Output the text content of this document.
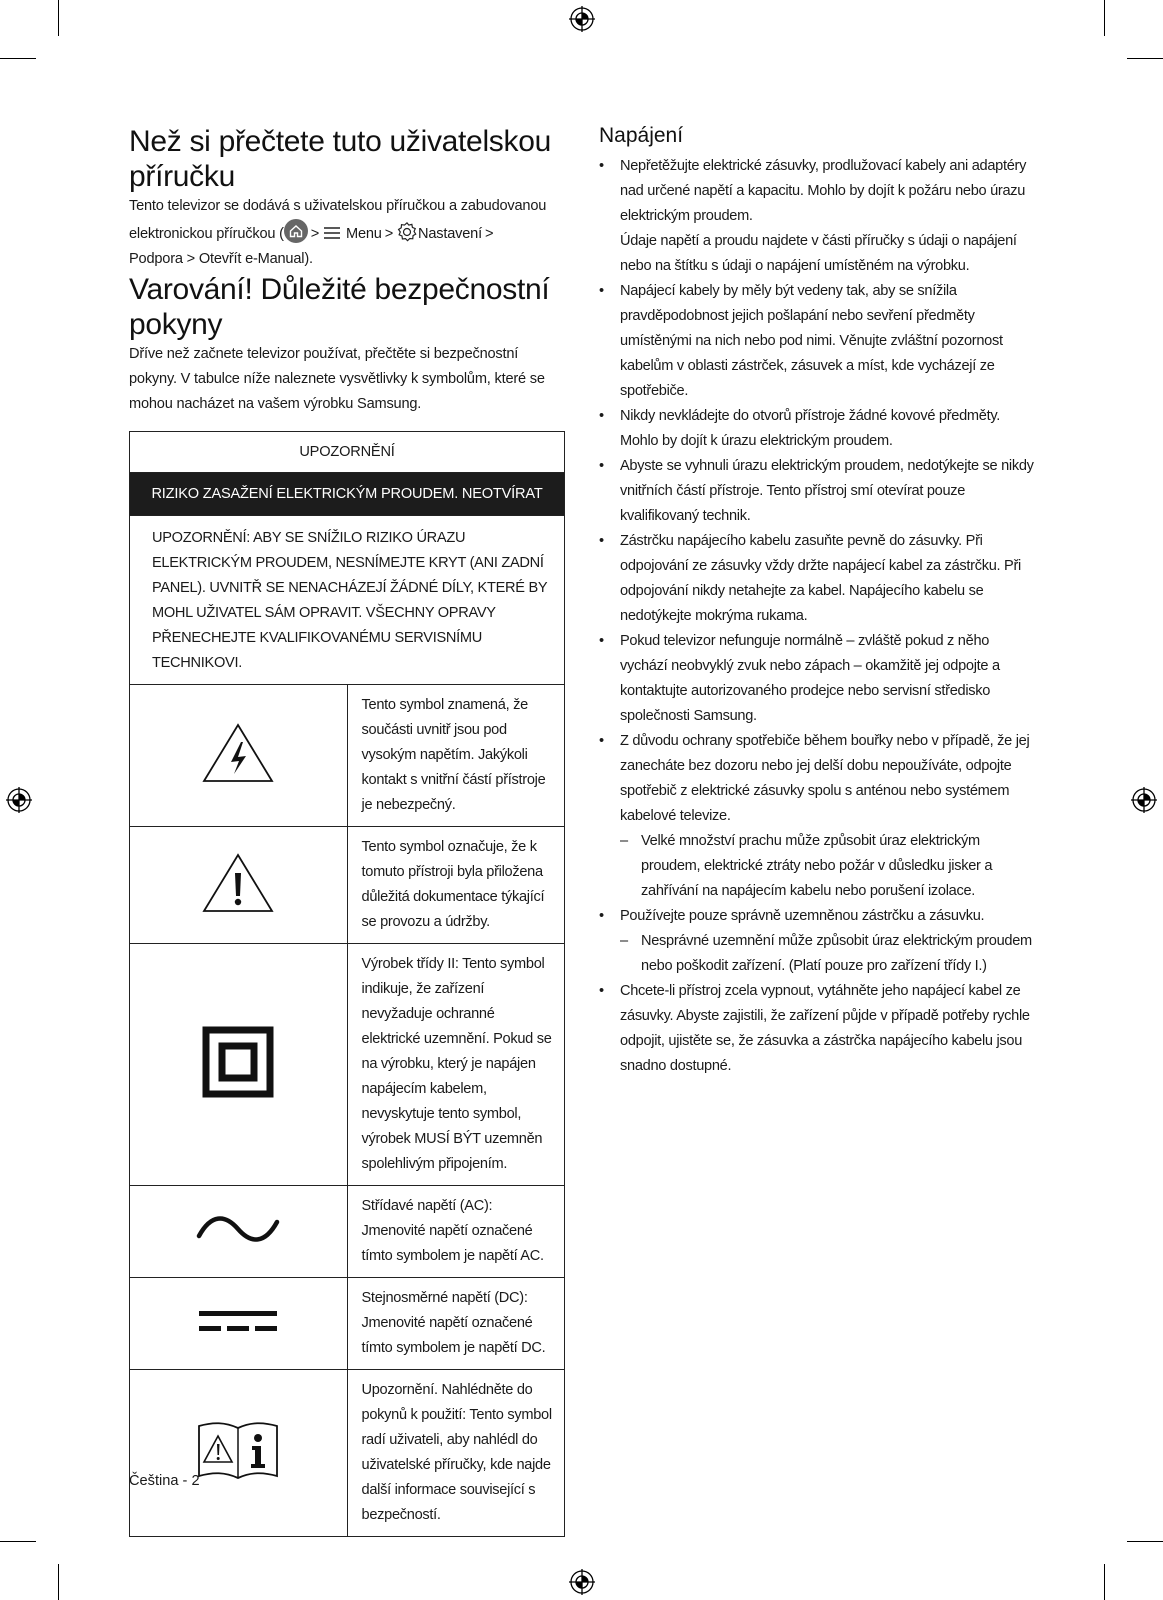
Než si přečtete tuto uživatelskou příručku

Tento televizor se dodává s uživatelskou příručkou a zabudovanou elektronickou příručkou ( > Menu > Nastavení >
Podpora > Otevřít e-Manual).

Varování! Důležité bezpečnostní pokyny

Dříve než začnete televizor používat, přečtěte si bezpečnostní pokyny. V tabulce níže naleznete vysvětlivky k symbolům, které se mohou nacházet na vašem výrobku Samsung.

UPOZORNĚNÍ	
RIZIKO ZASAŽENÍ ELEKTRICKÝM PROUDEM. NEOTVÍRAT	
UPOZORNĚNÍ: ABY SE SNÍŽILO RIZIKO ÚRAZU ELEKTRICKÝM PROUDEM, NESNÍMEJTE KRYT (ANI ZADNÍ PANEL). UVNITŘ SE NENACHÁZEJÍ ŽÁDNÉ DÍLY, KTERÉ BY MOHL UŽIVATEL SÁM OPRAVIT. VŠECHNY OPRAVY PŘENECHEJTE KVALIFIKOVANÉMU SERVISNÍMU TECHNIKOVI.	
	Tento symbol znamená, že součásti uvnitř jsou pod vysokým napětím. Jakýkoli kontakt s vnitřní částí přístroje je nebezpečný.
	Tento symbol označuje, že k tomuto přístroji byla přiložena důležitá dokumentace týkající se provozu a údržby.
	Výrobek třídy II: Tento symbol indikuje, že zařízení nevyžaduje ochranné elektrické uzemnění. Pokud se na výrobku, který je napájen napájecím kabelem, nevyskytuje tento symbol, výrobek MUSÍ BÝT uzemněn spolehlivým připojením.
	Střídavé napětí (AC): Jmenovité napětí označené tímto symbolem je napětí AC.
	Stejnosměrné napětí (DC): Jmenovité napětí označené tímto symbolem je napětí DC.
	Upozornění. Nahlédněte do pokynů k použití: Tento symbol radí uživateli, aby nahlédl do uživatelské příručky, kde najde další informace související s bezpečností.
Napájení
• Nepřetěžujte elektrické zásuvky, prodlužovací kabely ani adaptéry nad určené napětí a kapacitu. Mohlo by dojít k požáru nebo úrazu elektrickým proudem.
Údaje napětí a proudu najdete v části příručky s údaji o napájení nebo na štítku s údaji o napájení umístěném na výrobku.
• Napájecí kabely by měly být vedeny tak, aby se snížila pravděpodobnost jejich pošlapání nebo sevření předměty umístěnými na nich nebo pod nimi. Věnujte zvláštní pozornost kabelům v oblasti zástrček, zásuvek a míst, kde vycházejí ze spotřebiče.
• Nikdy nevkládejte do otvorů přístroje žádné kovové předměty. Mohlo by dojít k úrazu elektrickým proudem.
• Abyste se vyhnuli úrazu elektrickým proudem, nedotýkejte se nikdy vnitřních částí přístroje. Tento přístroj smí otevírat pouze kvalifikovaný technik.
• Zástrčku napájecího kabelu zasuňte pevně do zásuvky. Při odpojování ze zásuvky vždy držte napájecí kabel za zástrčku. Při odpojování nikdy netahejte za kabel. Napájecího kabelu se nedotýkejte mokrýma rukama.
• Pokud televizor nefunguje normálně – zvláště pokud z něho vychází neobvyklý zvuk nebo zápach – okamžitě jej odpojte a kontaktujte autorizovaného prodejce nebo servisní středisko společnosti Samsung.
• Z důvodu ochrany spotřebiče během bouřky nebo v případě, že jej zanecháte bez dozoru nebo jej delší dobu nepoužíváte, odpojte spotřebič z elektrické zásuvky spolu s anténou nebo systémem kabelové televize.
– Velké množství prachu může způsobit úraz elektrickým proudem, elektrické ztráty nebo požár v důsledku jisker a zahřívání na napájecím kabelu nebo porušení izolace.
• Používejte pouze správně uzemněnou zástrčku a zásuvku.
– Nesprávné uzemnění může způsobit úraz elektrickým proudem nebo poškodit zařízení. (Platí pouze pro zařízení třídy I.)
• Chcete-li přístroj zcela vypnout, vytáhněte jeho napájecí kabel ze zásuvky. Abyste zajistili, že zařízení půjde v případě potřeby rychle odpojit, ujistěte se, že zásuvka a zástrčka napájecího kabelu jsou snadno dostupné.
Čeština - 2
